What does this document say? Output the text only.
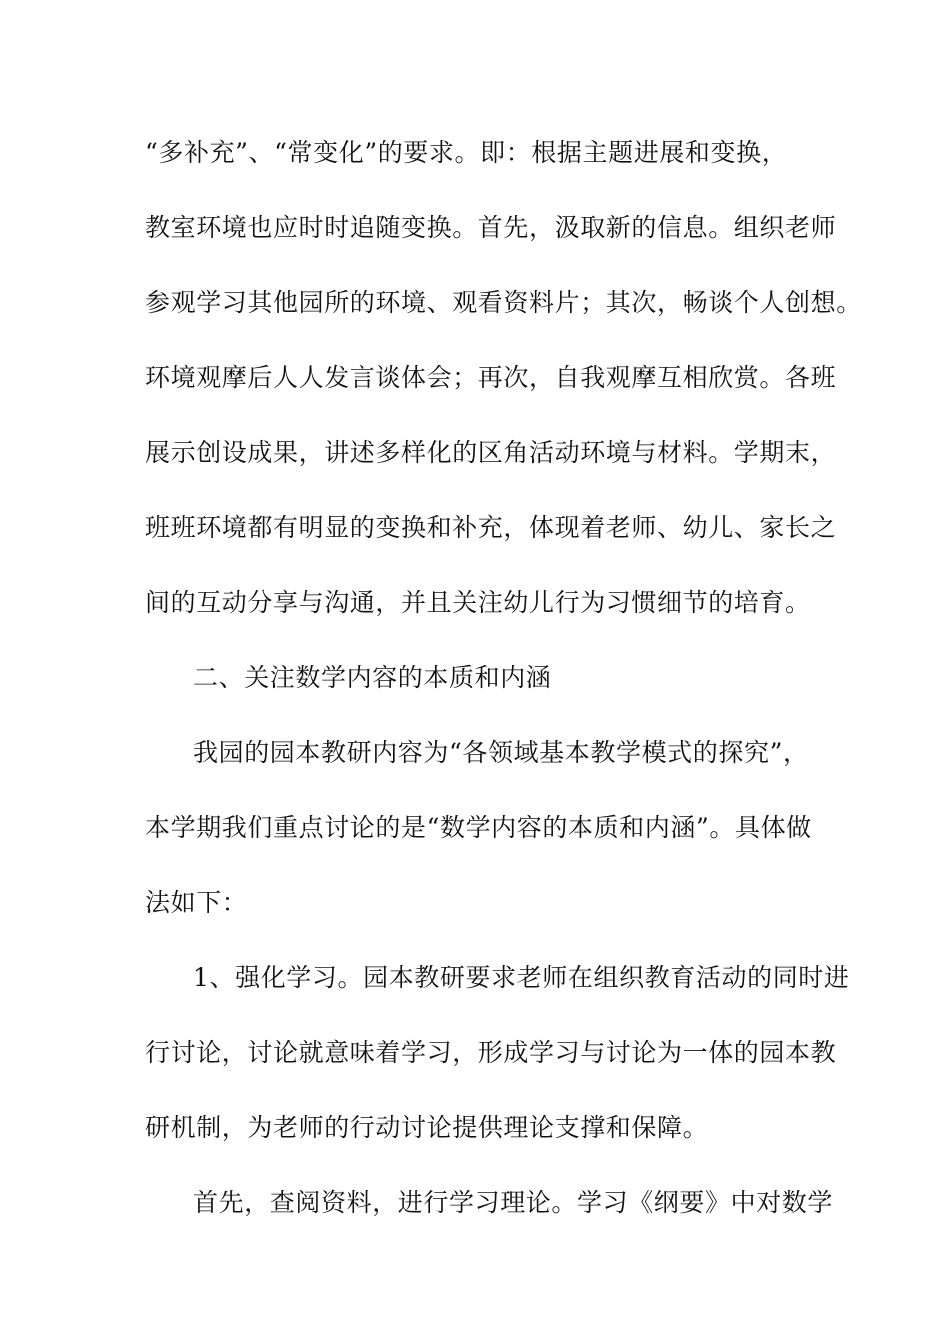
“多补充”、“常变化”的要求。即：根据主题进展和变换，
教室环境也应时时追随变换。首先，汲取新的信息。组织老师
参观学习其他园所的环境、观看资料片；其次，畅谈个人创想。
环境观摩后人人发言谈体会；再次，自我观摩互相欣赏。各班
展示创设成果，讲述多样化的区角活动环境与材料。学期末，
班班环境都有明显的变换和补充，体现着老师、幼儿、家长之
间的互动分享与沟通，并且关注幼儿行为习惯细节的培育。
二、关注数学内容的本质和内涵
我园的园本教研内容为“各领域基本教学模式的探究”，
本学期我们重点讨论的是“数学内容的本质和内涵”。具体做
法如下：
1、强化学习。园本教研要求老师在组织教育活动的同时进
行讨论，讨论就意味着学习，形成学习与讨论为一体的园本教
研机制，为老师的行动讨论提供理论支撑和保障。
首先，查阅资料，进行学习理论。学习《纲要》中对数学
